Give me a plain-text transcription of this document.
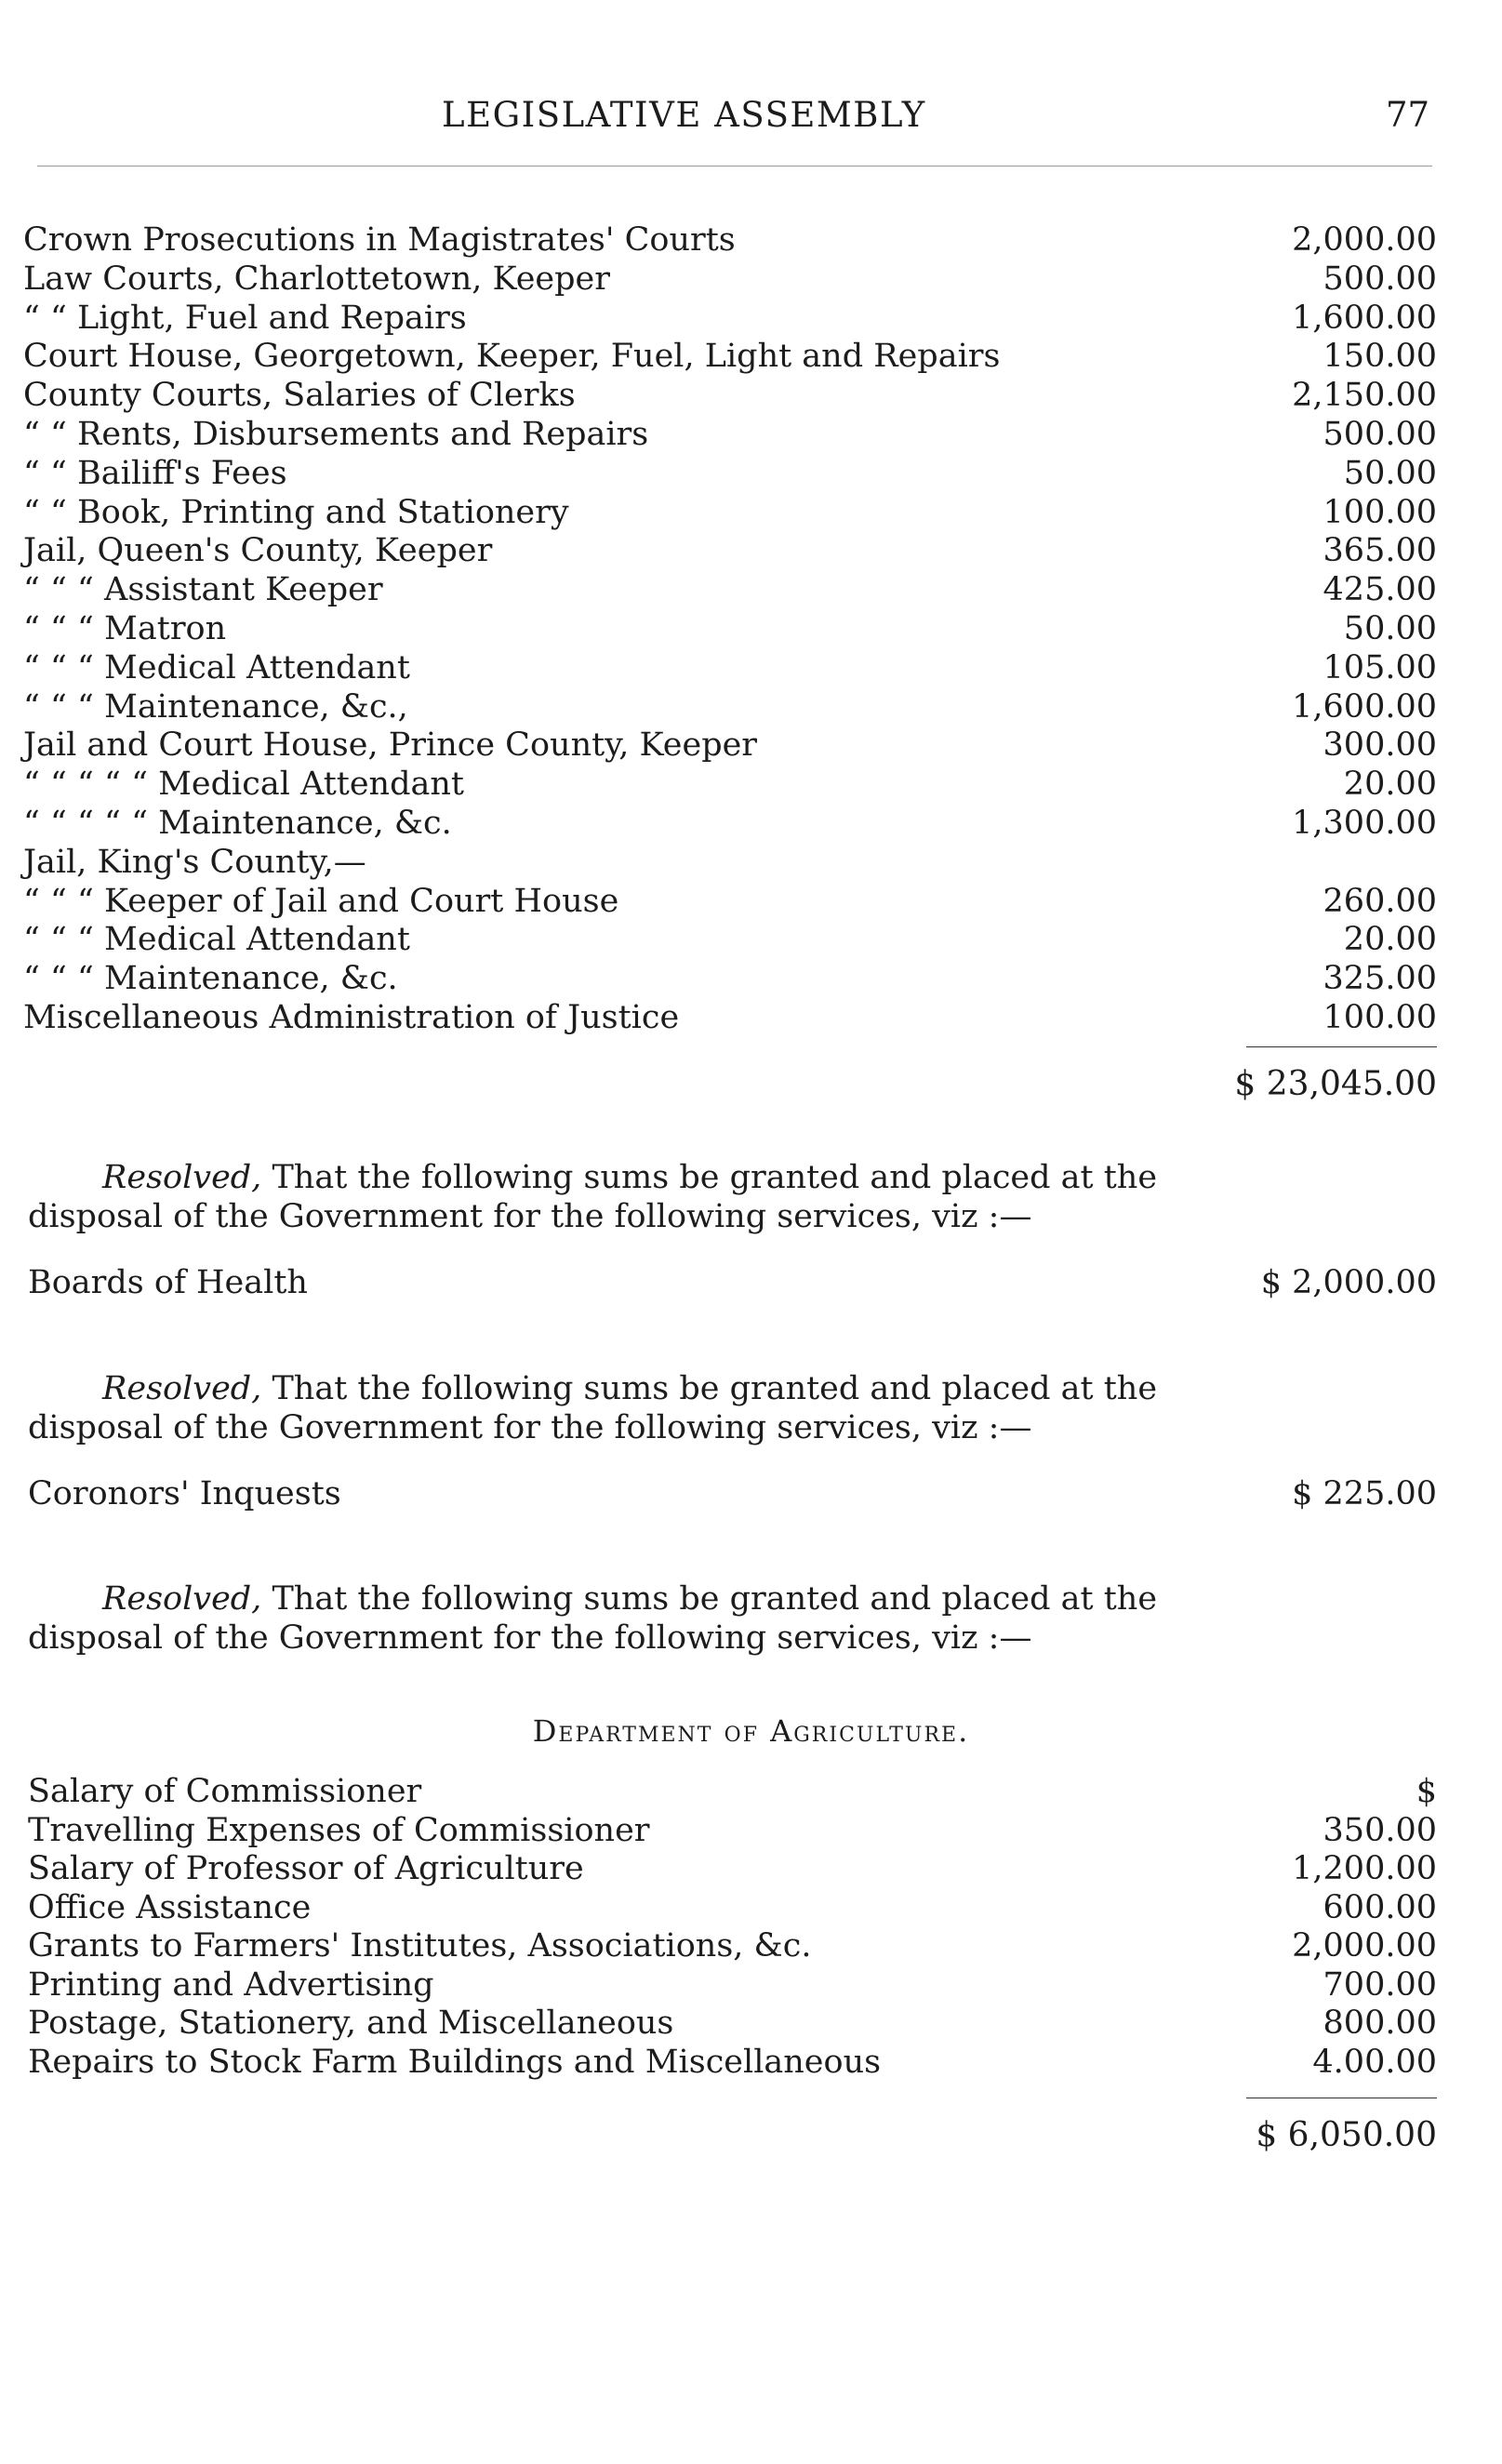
LEGISLATIVE ASSEMBLY	77
Crown Prosecutions in Magistrates' Courts	2,000.00
Law Courts, Charlottetown, Keeper	500.00
“ “ Light, Fuel and Repairs	1,600.00
Court House, Georgetown, Keeper, Fuel, Light and Repairs	150.00
County Courts, Salaries of Clerks	2,150.00
“ “ Rents, Disbursements and Repairs	500.00
“ “ Bailiff's Fees	50.00
“ “ Book, Printing and Stationery	100.00
Jail, Queen's County, Keeper	365.00
“ “ “ Assistant Keeper	425.00
“ “ “ Matron	50.00
“ “ “ Medical Attendant	105.00
“ “ “ Maintenance, &c.,	1,600.00
Jail and Court House, Prince County, Keeper	300.00
“ “ “ “ “ Medical Attendant	20.00
“ “ “ “ “ Maintenance, &c.	1,300.00
Jail, King's County,—
“ “ “ Keeper of Jail and Court House	260.00
“ “ “ Medical Attendant	20.00
“ “ “ Maintenance, &c.	325.00
Miscellaneous Administration of Justice	100.00
$ 23,045.00
Resolved, That the following sums be granted and placed at the
disposal of the Government for the following services, viz :—
Boards of Health	$ 2,000.00
Resolved, That the following sums be granted and placed at the
disposal of the Government for the following services, viz :—
Coronors' Inquests	$ 225.00
Resolved, That the following sums be granted and placed at the
disposal of the Government for the following services, viz :—
Department of Agriculture.
Salary of Commissioner	$
Travelling Expenses of Commissioner	350.00
Salary of Professor of Agriculture	1,200.00
Office Assistance	600.00
Grants to Farmers' Institutes, Associations, &c.	2,000.00
Printing and Advertising	700.00
Postage, Stationery, and Miscellaneous	800.00
Repairs to Stock Farm Buildings and Miscellaneous	4.00.00
$ 6,050.00
